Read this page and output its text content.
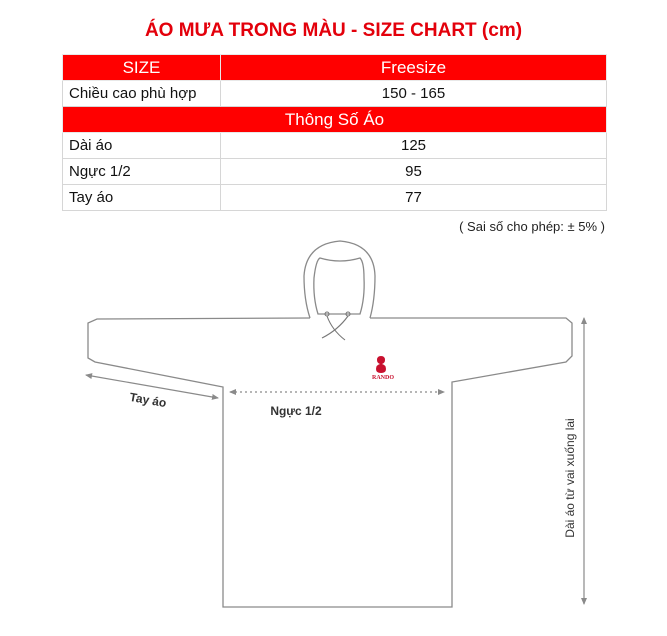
ÁO MƯA TRONG MÀU - SIZE CHART (cm)
SIZE	Freesize
Chiều cao phù hợp	150 - 165
Thông Số Áo	
Dài áo	125
Ngực 1/2	95
Tay áo	77
( Sai số cho phép: ± 5% )
RANDO
Tay áo
Ngực 1/2
Dài áo từ vai xuống lai
